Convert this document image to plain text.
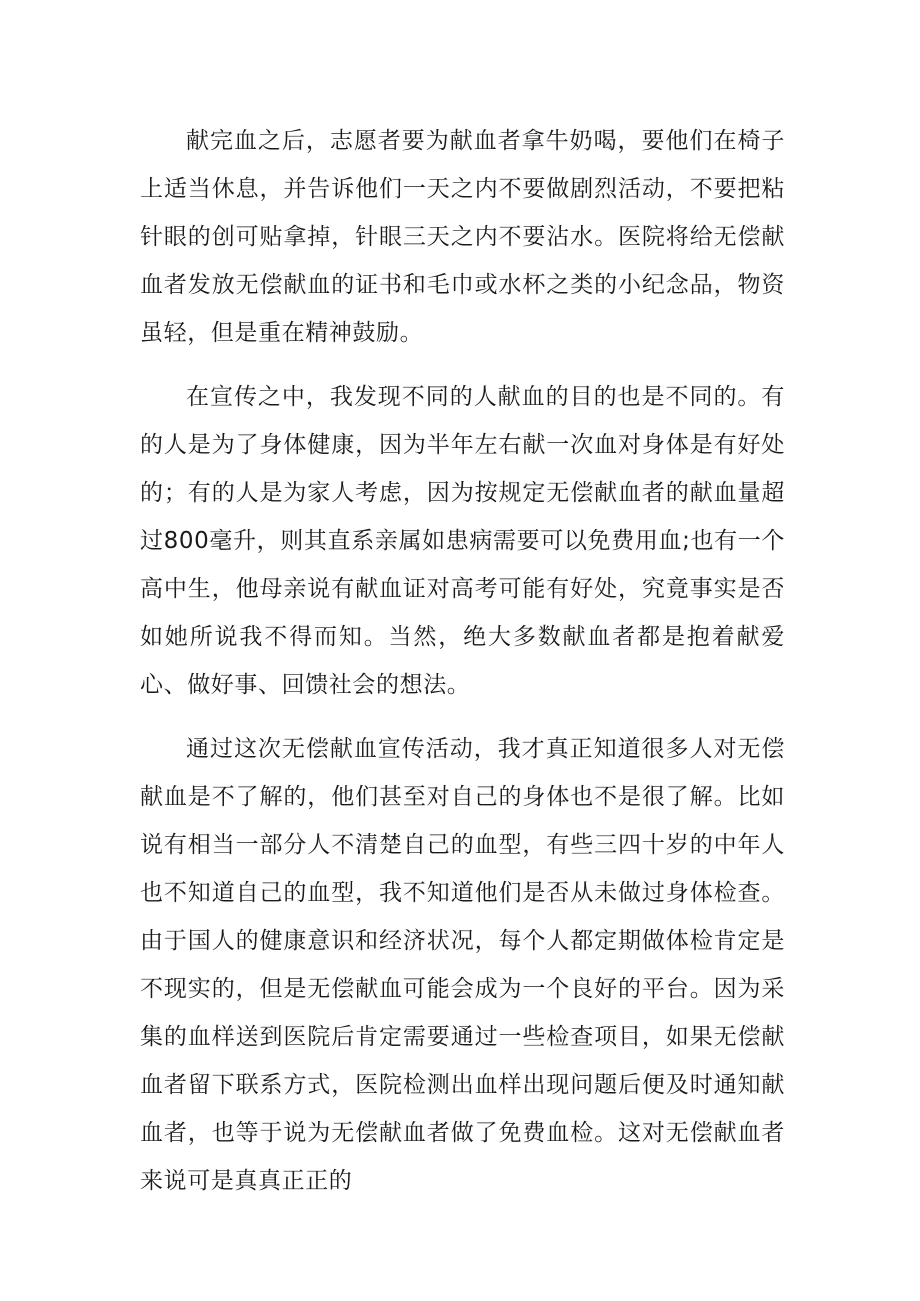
献完血之后，志愿者要为献血者拿牛奶喝，要他们在椅子上适当休息，并告诉他们一天之内不要做剧烈活动，不要把粘针眼的创可贴拿掉，针眼三天之内不要沾水。医院将给无偿献血者发放无偿献血的证书和毛巾或水杯之类的小纪念品，物资虽轻，但是重在精神鼓励。

在宣传之中，我发现不同的人献血的目的也是不同的。有的人是为了身体健康，因为半年左右献一次血对身体是有好处的；有的人是为家人考虑，因为按规定无偿献血者的献血量超过800毫升，则其直系亲属如患病需要可以免费用血;也有一个高中生，他母亲说有献血证对高考可能有好处，究竟事实是否如她所说我不得而知。当然，绝大多数献血者都是抱着献爱心、做好事、回馈社会的想法。

通过这次无偿献血宣传活动，我才真正知道很多人对无偿献血是不了解的，他们甚至对自己的身体也不是很了解。比如说有相当一部分人不清楚自己的血型，有些三四十岁的中年人也不知道自己的血型，我不知道他们是否从未做过身体检查。由于国人的健康意识和经济状况，每个人都定期做体检肯定是不现实的，但是无偿献血可能会成为一个良好的平台。因为采集的血样送到医院后肯定需要通过一些检查项目，如果无偿献血者留下联系方式，医院检测出血样出现问题后便及时通知献血者，也等于说为无偿献血者做了免费血检。这对无偿献血者来说可是真真正正的
